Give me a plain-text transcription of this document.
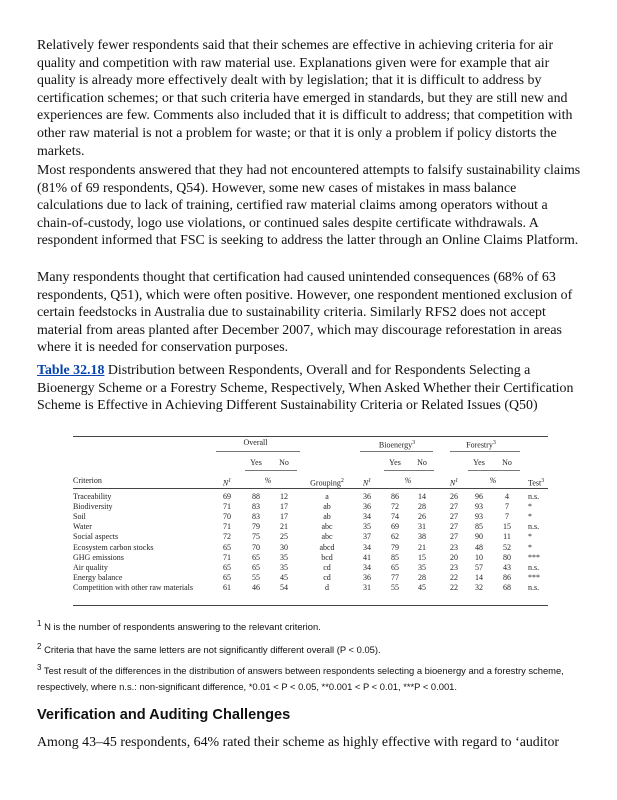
Relatively fewer respondents said that their schemes are effective in achieving criteria for air quality and competition with raw material use. Explanations given were for example that air quality is already more effectively dealt with by legislation; that it is difficult to address by certification schemes; or that such criteria have emerged in standards, but they are still new and experiences are few. Comments also included that it is difficult to address; that competition with other raw material is not a problem for waste; or that it is only a problem if policy distorts the markets.

Most respondents answered that they had not encountered attempts to falsify sustainability claims (81% of 69 respondents, Q54). However, some new cases of mistakes in mass balance calculations due to lack of training, certified raw material claims among operators without a chain-of-custody, logo use violations, or continued sales despite certificate withdrawals. A respondent informed that FSC is seeking to address the latter through an Online Claims Platform.

Many respondents thought that certification had caused unintended consequences (68% of 63 respondents, Q51), which were often positive. However, one respondent mentioned exclusion of certain feedstocks in Australia due to sustainability criteria. Similarly RFS2 does not accept material from areas planted after December 2007, which may discourage reforestation in areas where it is needed for conservation purposes.

Table 32.18 Distribution between Respondents, Overall and for Respondents Selecting a Bioenergy Scheme or a Forestry Scheme, Respectively, When Asked Whether their Certification Scheme is Effective in Achieving Different Sustainability Criteria or Related Issues (Q50)

Overall	Bioenergy$^3$	Forestry$^3$
Yes	No	Yes	No	Yes	No
Criterion	$N^1$	%	Grouping$^2$	$N^1$	%	$N^1$	%	Test$^3$
Traceability	69	88	12	a	36	86	14	26	96	4	n.s.
Biodiversity	71	83	17	ab	36	72	28	27	93	7	*
Soil	70	83	17	ab	34	74	26	27	93	7	*
Water	71	79	21	abc	35	69	31	27	85	15	n.s.
Social aspects	72	75	25	abc	37	62	38	27	90	11	*
Ecosystem carbon stocks	65	70	30	abcd	34	79	21	23	48	52	*
GHG emissions	71	65	35	bcd	41	85	15	20	10	80	***
Air quality	65	65	35	cd	34	65	35	23	57	43	n.s.
Energy balance	65	55	45	cd	36	77	28	22	14	86	***
Competition with other raw materials	61	46	54	d	31	55	45	22	32	68	n.s.

$^1$ N is the number of respondents answering to the relevant criterion.

$^2$ Criteria that have the same letters are not significantly different overall (P < 0.05).

$^3$ Test result of the differences in the distribution of answers between respondents selecting a bioenergy and a forestry scheme,
respectively, where n.s.: non-significant difference, *0.01 < P < 0.05, **0.001 < P < 0.01, ***P < 0.001.

Verification and Auditing Challenges

Among 43–45 respondents, 64% rated their scheme as highly effective with regard to ‘auditor
